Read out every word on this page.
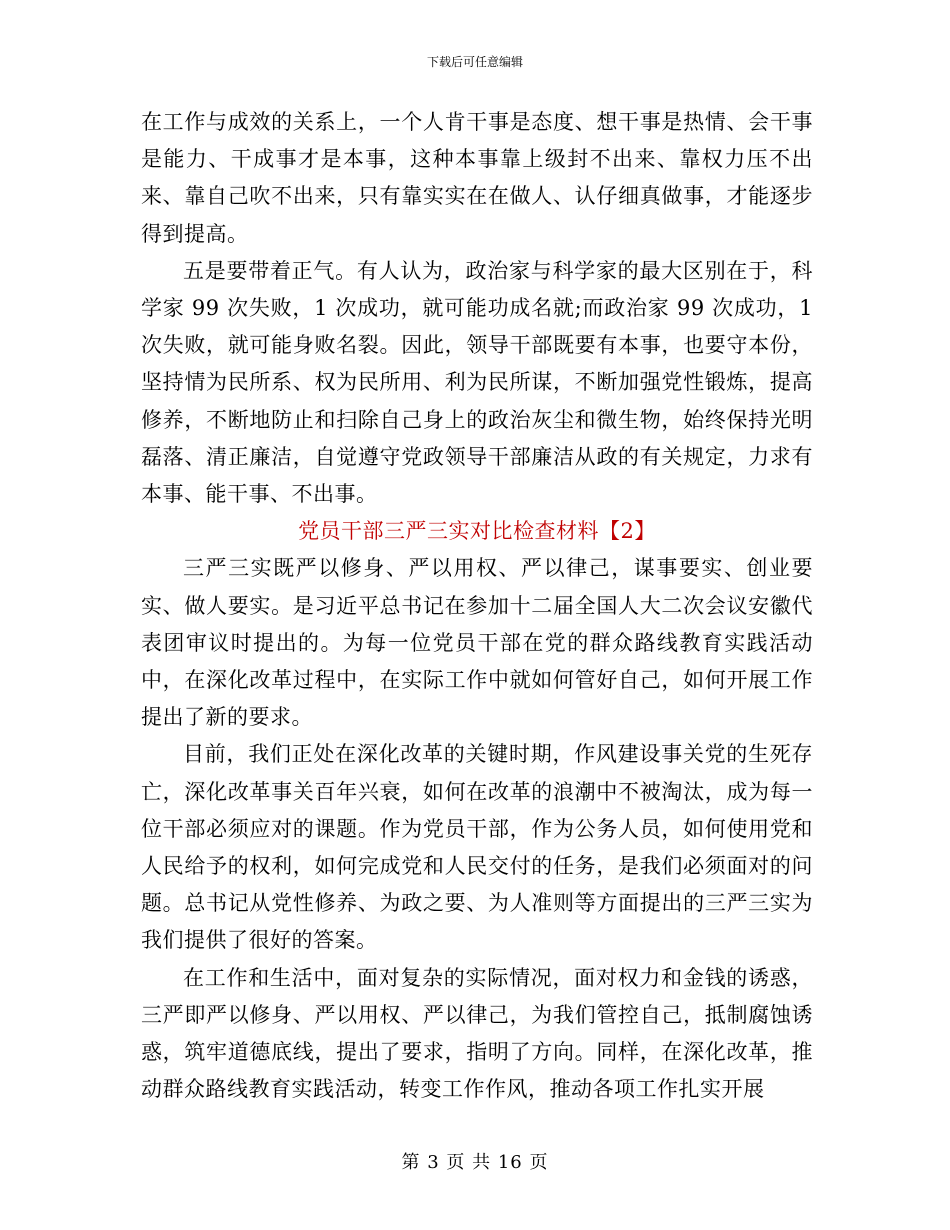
下载后可任意编辑

在工作与成效的关系上，一个人肯干事是态度、想干事是热情、会干事是能力、干成事才是本事，这种本事靠上级封不出来、靠权力压不出来、靠自己吹不出来，只有靠实实在在做人、认仔细真做事，才能逐步得到提高。

五是要带着正气。有人认为，政治家与科学家的最大区别在于，科学家 99 次失败，1 次成功，就可能功成名就;而政治家 99 次成功，1 次失败，就可能身败名裂。因此，领导干部既要有本事，也要守本份，坚持情为民所系、权为民所用、利为民所谋，不断加强党性锻炼，提高修养，不断地防止和扫除自己身上的政治灰尘和微生物，始终保持光明磊落、清正廉洁，自觉遵守党政领导干部廉洁从政的有关规定，力求有本事、能干事、不出事。

党员干部三严三实对比检查材料【2】

三严三实既严以修身、严以用权、严以律己，谋事要实、创业要实、做人要实。是习近平总书记在参加十二届全国人大二次会议安徽代表团审议时提出的。为每一位党员干部在党的群众路线教育实践活动中，在深化改革过程中，在实际工作中就如何管好自己，如何开展工作提出了新的要求。

目前，我们正处在深化改革的关键时期，作风建设事关党的生死存亡，深化改革事关百年兴衰，如何在改革的浪潮中不被淘汰，成为每一位干部必须应对的课题。作为党员干部，作为公务人员，如何使用党和人民给予的权利，如何完成党和人民交付的任务，是我们必须面对的问题。总书记从党性修养、为政之要、为人准则等方面提出的三严三实为我们提供了很好的答案。

在工作和生活中，面对复杂的实际情况，面对权力和金钱的诱惑，三严即严以修身、严以用权、严以律己，为我们管控自己，抵制腐蚀诱惑，筑牢道德底线，提出了要求，指明了方向。同样，在深化改革，推动群众路线教育实践活动，转变工作作风，推动各项工作扎实开展

第 3 页 共 16 页
